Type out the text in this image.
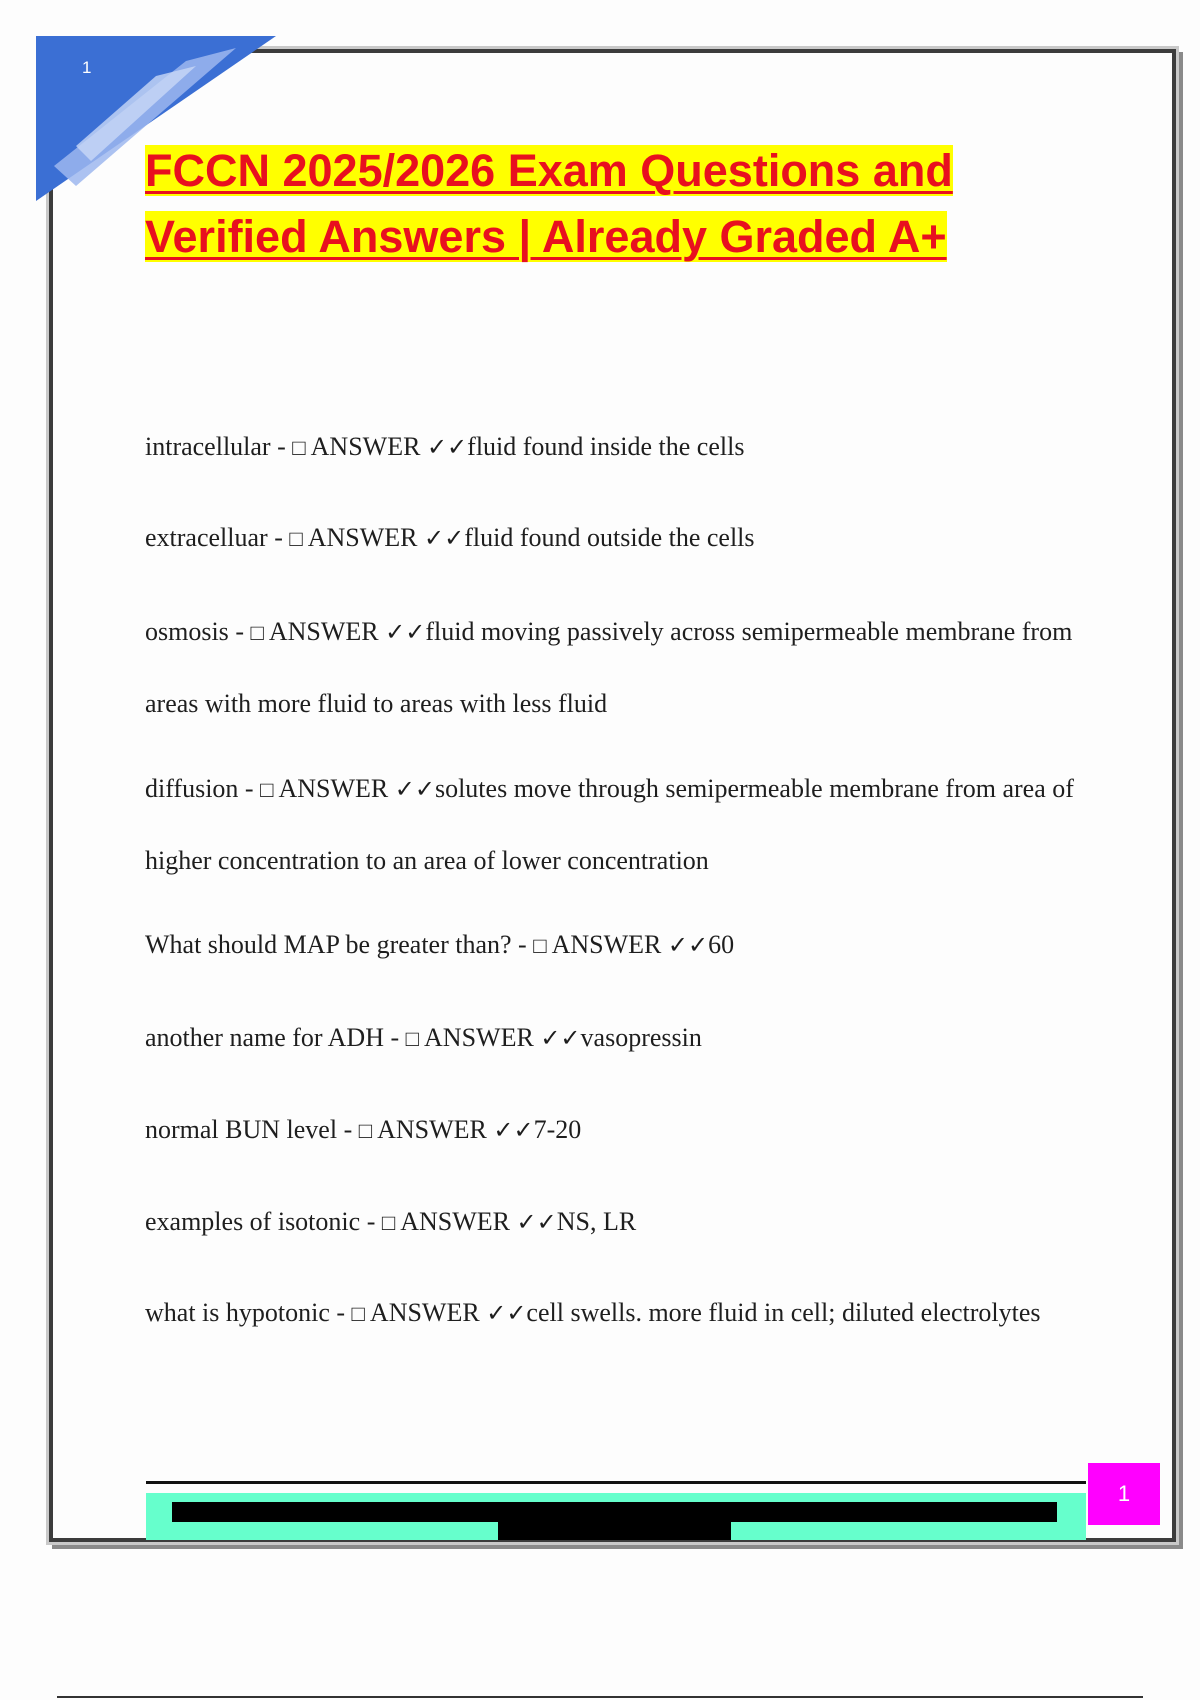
1
FCCN 2025/2026 Exam Questions and
Verified Answers | Already Graded A+

intracellular - □ ANSWER ✓✓fluid found inside the cells

extracelluar - □ ANSWER ✓✓fluid found outside the cells

osmosis - □ ANSWER ✓✓fluid moving passively across semipermeable membrane from areas with more fluid to areas with less fluid

diffusion - □ ANSWER ✓✓solutes move through semipermeable membrane from area of higher concentration to an area of lower concentration

What should MAP be greater than? - □ ANSWER ✓✓60

another name for ADH - □ ANSWER ✓✓vasopressin

normal BUN level - □ ANSWER ✓✓7-20

examples of isotonic - □ ANSWER ✓✓NS, LR

what is hypotonic - □ ANSWER ✓✓cell swells. more fluid in cell; diluted electrolytes

1
